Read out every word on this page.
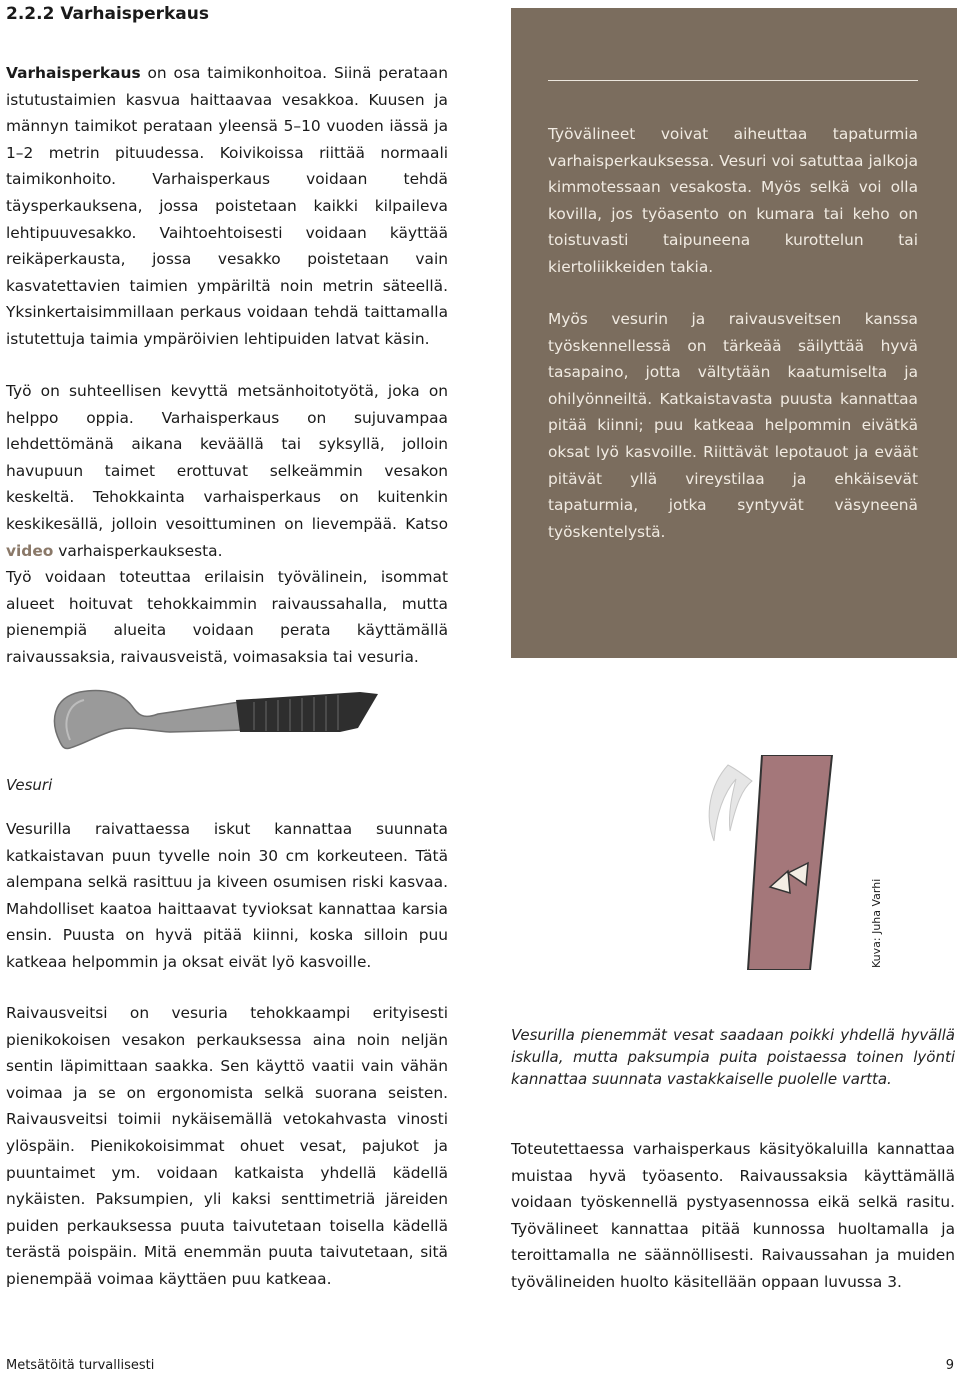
2.2.2 Varhaisperkaus

Varhaisperkaus on osa taimikonhoitoa. Siinä perataan istutustaimien kasvua haittaavaa vesakkoa. Kuusen ja männyn taimikot perataan yleensä 5–10 vuoden iässä ja 1–2 metrin pituudessa. Koivikoissa riittää normaali taimikonhoito. Varhaisperkaus voidaan tehdä täysperkauksena, jossa poistetaan kaikki kilpaileva lehtipuuvesakko. Vaihtoehtoisesti voidaan käyttää reikäperkausta, jossa vesakko poistetaan vain kasvatettavien taimien ympäriltä noin metrin säteellä. Yksinkertaisimmillaan perkaus voidaan tehdä taittamalla istutettuja taimia ympäröivien lehtipuiden latvat käsin.

Työ on suhteellisen kevyttä metsänhoitotyötä, joka on helppo oppia. Varhaisperkaus on sujuvampaa lehdettömänä aikana keväällä tai syksyllä, jolloin havupuun taimet erottuvat selkeämmin vesakon keskeltä. Tehokkainta varhaisperkaus on kuitenkin keskikesällä, jolloin vesoittuminen on lievempää. Katso video varhaisperkauksesta.

Työ voidaan toteuttaa erilaisin työvälinein, isommat alueet hoituvat tehokkaimmin raivaussahalla, mutta pienempiä alueita voidaan perata käyttämällä raivaussaksia, raivausveistä, voimasaksia tai vesuria.
Työvälineet voivat aiheuttaa tapaturmia varhaisperkauksessa. Vesuri voi satuttaa jalkoja kimmotessaan vesakosta. Myös selkä voi olla kovilla, jos työasento on kumara tai keho on toistuvasti taipuneena kurottelun tai kiertoliikkeiden takia.
Myös vesurin ja raivausveitsen kanssa työskennellessä on tärkeää säilyttää hyvä tasapaino, jotta vältytään kaatumiselta ja ohilyönneiltä. Katkaistavasta puusta kannattaa pitää kiinni; puu katkeaa helpommin eivätkä oksat lyö kasvoille. Riittävät lepotauot ja eväät pitävät yllä vireystilaa ja ehkäisevät tapaturmia, jotka syntyvät väsyneenä työskentelystä.
Vesuri
Vesurilla raivattaessa iskut kannattaa suunnata katkaistavan puun tyvelle noin 30 cm korkeuteen. Tätä alempana selkä rasittuu ja kiveen osumisen riski kasvaa. Mahdolliset kaatoa haittaavat tyvioksat kannattaa karsia ensin. Puusta on hyvä pitää kiinni, koska silloin puu katkeaa helpommin ja oksat eivät lyö kasvoille.
Raivausveitsi on vesuria tehokkaampi erityisesti pienikokoisen vesakon perkauksessa aina noin neljän sentin läpimittaan saakka. Sen käyttö vaatii vain vähän voimaa ja se on ergonomista selkä suorana seisten. Raivausveitsi toimii nykäisemällä vetokahvasta vinosti ylöspäin. Pienikokoisimmat ohuet vesat, pajukot ja puuntaimet ym. voidaan katkaista yhdellä kädellä nykäisten. Paksumpien, yli kaksi senttimetriä järeiden puiden perkauksessa puuta taivutetaan toisella kädellä terästä poispäin. Mitä enemmän puuta taivutetaan, sitä pienempää voimaa käyttäen puu katkeaa.
Kuva: Juha Varhi
Vesurilla pienemmät vesat saadaan poikki yhdellä hyvällä iskulla, mutta paksumpia puita poistaessa toinen lyönti kannattaa suunnata vastakkaiselle puolelle vartta.
Toteutettaessa varhaisperkaus käsityökaluilla kannattaa muistaa hyvä työasento. Raivaussaksia käyttämällä voidaan työskennellä pystyasennossa eikä selkä rasitu. Työvälineet kannattaa pitää kunnossa huoltamalla ja teroittamalla ne säännöllisesti. Raivaussahan ja muiden työvälineiden huolto käsitellään oppaan luvussa 3.
Metsätöitä turvallisesti	9
